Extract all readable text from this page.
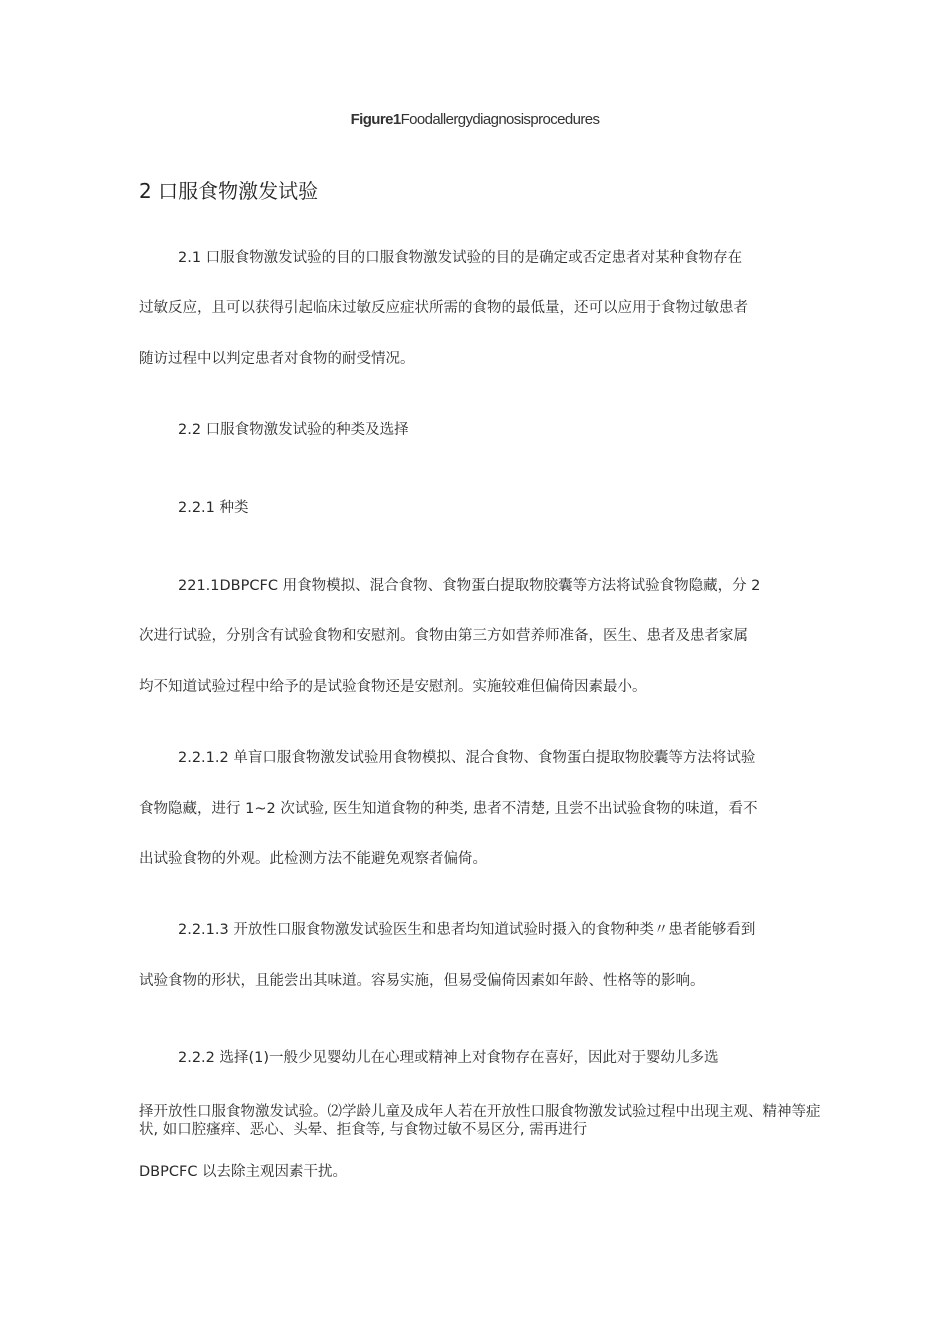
Figure1Foodallergydiagnosisprocedures
2 口服食物激发试验
2.1 口服食物激发试验的目的口服食物激发试验的目的是确定或否定患者对某种食物存在
过敏反应，且可以获得引起临床过敏反应症状所需的食物的最低量，还可以应用于食物过敏患者
随访过程中以判定患者对食物的耐受情况。
2.2 口服食物激发试验的种类及选择
2.2.1 种类
221.1DBPCFC 用食物模拟、混合食物、食物蛋白提取物胶囊等方法将试验食物隐藏，分 2
次进行试验，分别含有试验食物和安慰剂。食物由第三方如营养师准备，医生、患者及患者家属
均不知道试验过程中给予的是试验食物还是安慰剂。实施较难但偏倚因素最小。
2.2.1.2 单盲口服食物激发试验用食物模拟、混合食物、食物蛋白提取物胶囊等方法将试验
食物隐藏，进行 1~2 次试验, 医生知道食物的种类, 患者不清楚, 且尝不出试验食物的味道，看不
出试验食物的外观。此检测方法不能避免观察者偏倚。
2.2.1.3 开放性口服食物激发试验医生和患者均知道试验时摄入的食物种类〃患者能够看到
试验食物的形状，且能尝出其味道。容易实施，但易受偏倚因素如年龄、性格等的影响。
2.2.2 选择(1)一般少见婴幼儿在心理或精神上对食物存在喜好，因此对于婴幼儿多选
择开放性口服食物激发试验。⑵学龄儿童及成年人若在开放性口服食物激发试验过程中出现主观、精神等症状, 如口腔瘙痒、恶心、头晕、拒食等, 与食物过敏不易区分, 需再进行
DBPCFC 以去除主观因素干扰。
